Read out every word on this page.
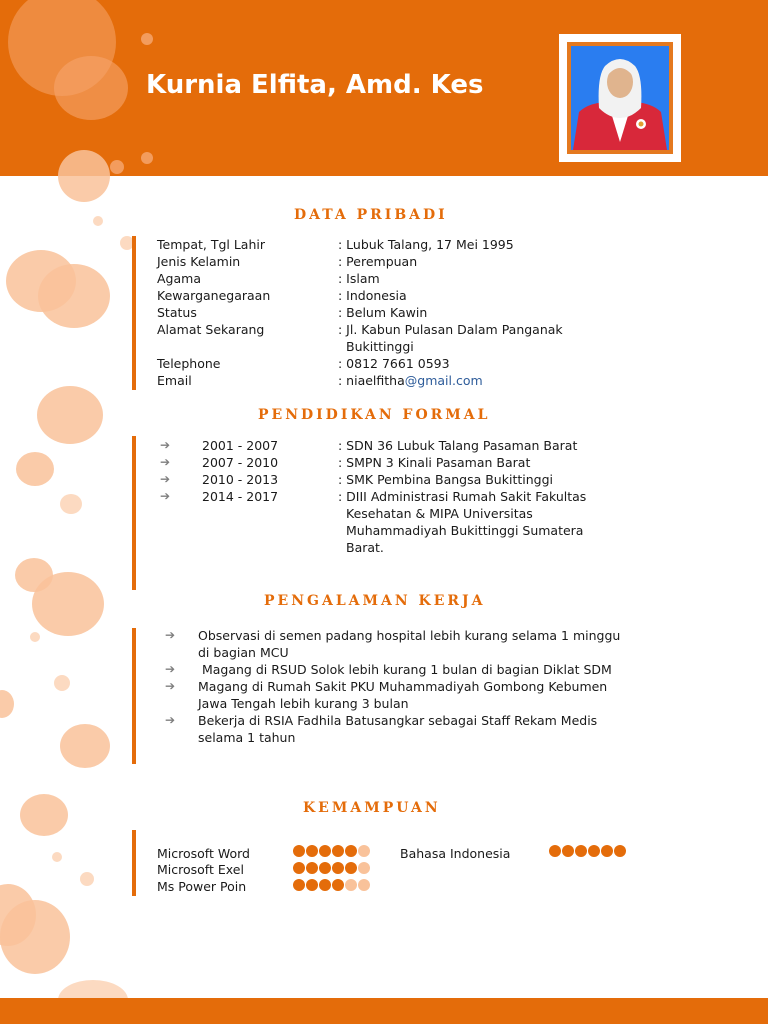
Kurnia Elfita, Amd. Kes
DATA PRIBADI
Tempat, Tgl Lahir	: Lubuk Talang, 17 Mei 1995
Jenis Kelamin	: Perempuan
Agama	: Islam
Kewarganegaraan	: Indonesia
Status	: Belum Kawin
Alamat Sekarang	: Jl. Kabun Pulasan Dalam Panganak
Bukittinggi
Telephone	: 0812 7661 0593
Email	: niaelfitha@gmail.com
PENDIDIKAN FORMAL
➔	2001 - 2007	: SDN 36 Lubuk Talang Pasaman Barat
➔	2007 - 2010	: SMPN 3 Kinali Pasaman Barat
➔	2010 - 2013	: SMK Pembina Bangsa Bukittinggi
➔	2014 - 2017	: DIII Administrasi Rumah Sakit Fakultas
Kesehatan & MIPA Universitas
Muhammadiyah Bukittinggi Sumatera
Barat.
PENGALAMAN KERJA
➔ Observasi di semen padang hospital lebih kurang selama 1 minggu
di bagian MCU
➔ Magang di RSUD Solok lebih kurang 1 bulan di bagian Diklat SDM
➔ Magang di Rumah Sakit PKU Muhammadiyah Gombong Kebumen
Jawa Tengah lebih kurang 3 bulan
➔ Bekerja di RSIA Fadhila Batusangkar sebagai Staff Rekam Medis
selama 1 tahun
KEMAMPUAN
Microsoft Word
Microsoft Exel
Ms Power Poin
Bahasa Indonesia
